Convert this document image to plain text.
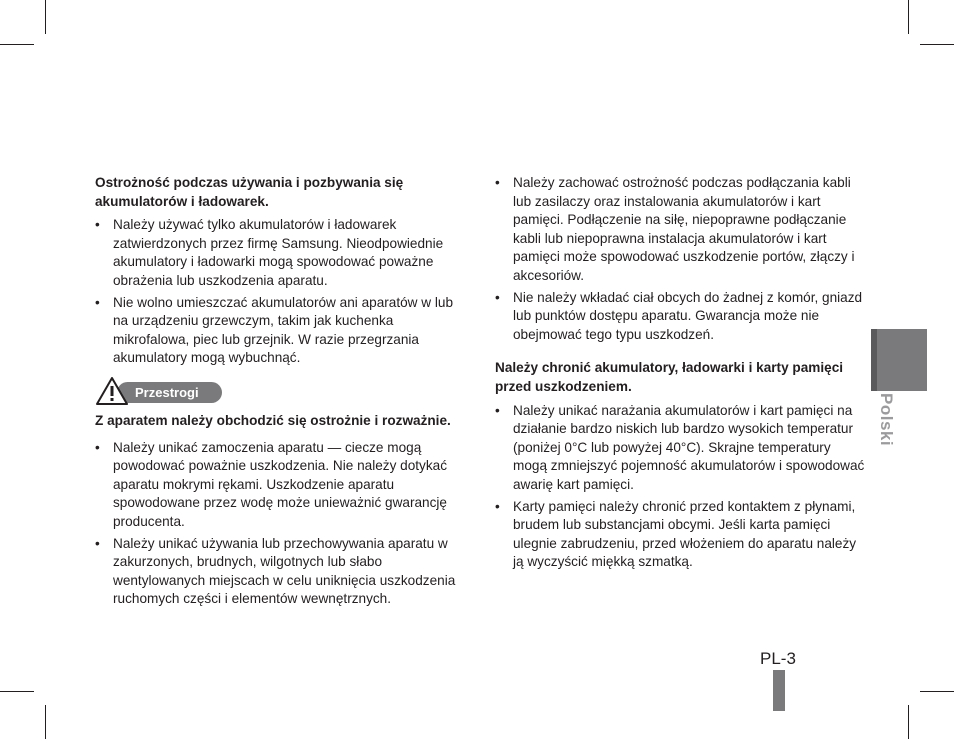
Ostrożność podczas używania i pozbywania się akumulatorów i ładowarek.
• Należy używać tylko akumulatorów i ładowarek zatwierdzonych przez firmę Samsung. Nieodpowiednie akumulatory i ładowarki mogą spowodować poważne obrażenia lub uszkodzenia aparatu.
• Nie wolno umieszczać akumulatorów ani aparatów w lub na urządzeniu grzewczym, takim jak kuchenka mikrofalowa, piec lub grzejnik. W razie przegrzania akumulatory mogą wybuchnąć.
Przestrogi
Z aparatem należy obchodzić się ostrożnie i rozważnie.
• Należy unikać zamoczenia aparatu — ciecze mogą powodować poważnie uszkodzenia. Nie należy dotykać aparatu mokrymi rękami. Uszkodzenie aparatu spowodowane przez wodę może unieważnić gwarancję producenta.
• Należy unikać używania lub przechowywania aparatu w zakurzonych, brudnych, wilgotnych lub słabo wentylowanych miejscach w celu uniknięcia uszkodzenia ruchomych części i elementów wewnętrznych.
• Należy zachować ostrożność podczas podłączania kabli lub zasilaczy oraz instalowania akumulatorów i kart pamięci. Podłączenie na siłę, niepoprawne podłączanie kabli lub niepoprawna instalacja akumulatorów i kart pamięci może spowodować uszkodzenie portów, złączy i akcesoriów.
• Nie należy wkładać ciał obcych do żadnej z komór, gniazd lub punktów dostępu aparatu. Gwarancja może nie obejmować tego typu uszkodzeń.
Należy chronić akumulatory, ładowarki i karty pamięci przed uszkodzeniem.
• Należy unikać narażania akumulatorów i kart pamięci na działanie bardzo niskich lub bardzo wysokich temperatur (poniżej 0°C lub powyżej 40°C). Skrajne temperatury mogą zmniejszyć pojemność akumulatorów i spowodować awarię kart pamięci.
• Karty pamięci należy chronić przed kontaktem z płynami, brudem lub substancjami obcymi. Jeśli karta pamięci ulegnie zabrudzeniu, przed włożeniem do aparatu należy ją wyczyścić miękką szmatką.
Polski
PL-3
